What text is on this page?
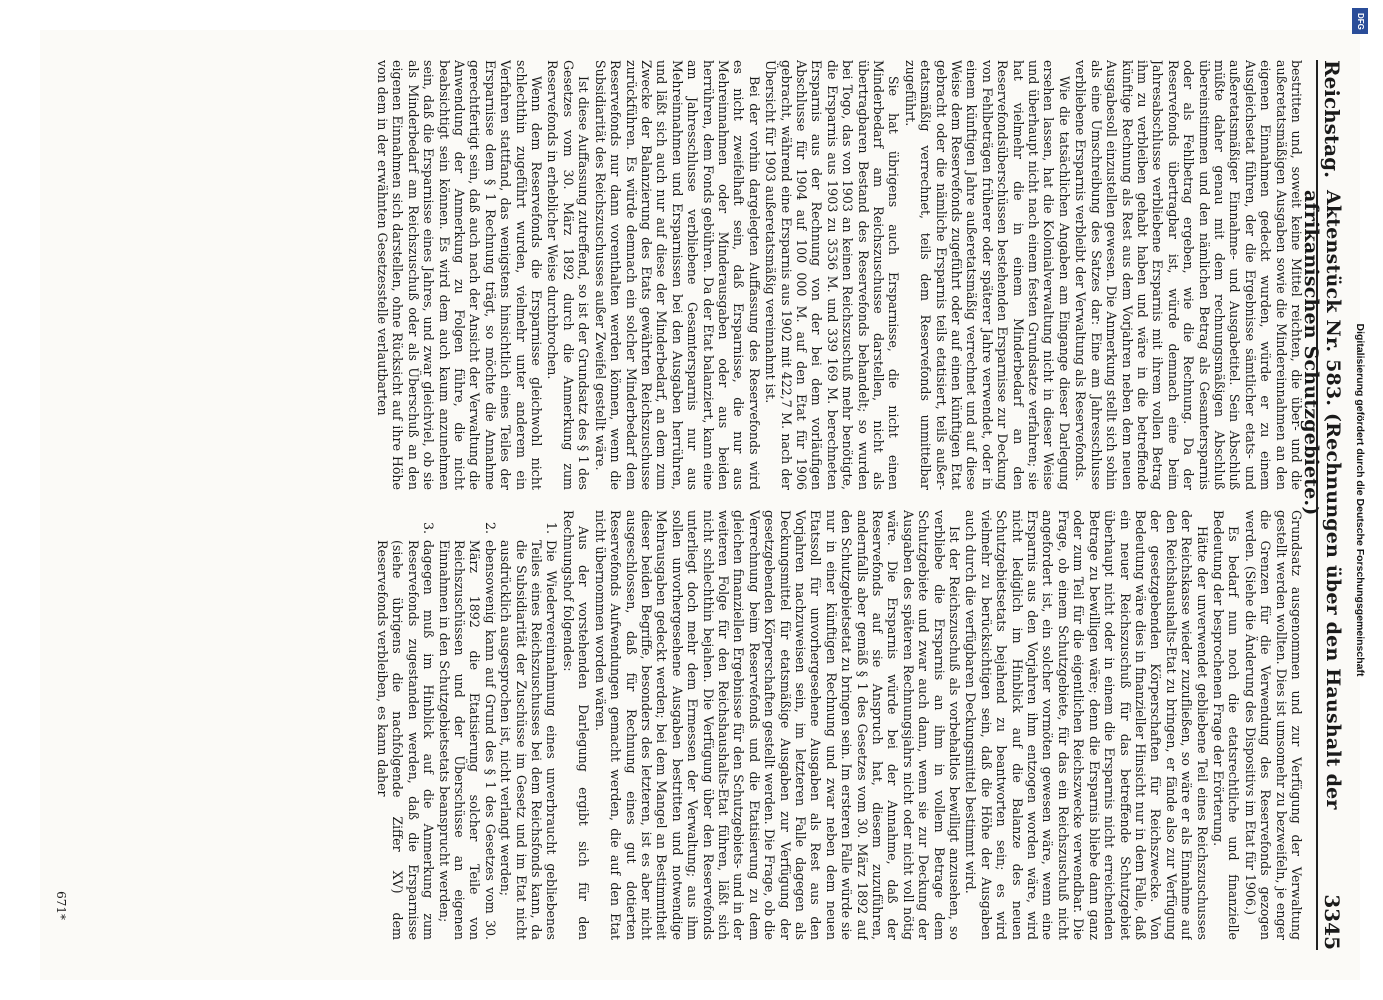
Reichstag.
Aktenstück Nr. 583. (Rechnungen über den Haushalt der afrikanischen Schutzgebiete.)
3345

bestritten und, soweit keine Mittel reichten, die über- und die außeretatsmäßigen Ausgaben sowie die Mindereinnahmen an den eigenen Einnahmen gedeckt wurden, würde er zu einem Ausgleichsetat führen, der die Ergebnisse sämtlicher etats- und außeretatsmäßiger Einnahme- und Ausgabetitel. Sein Abschluß müßte daher genau mit dem rechnungsmäßigen Abschluß übereinstimmen und den nämlichen Betrag als Gesamtersparnis oder als Fehlbetrag ergeben, wie die Rechnung. Da der Reservefonds übertragbar ist, würde demnach eine beim Jahresabschlusse verbliebene Ersparnis mit ihrem vollen Betrag ihm zu verbleiben gehabt haben und wäre in die betreffende künftige Rechnung als Rest aus dem Vorjahren neben dem neuen Ausgabesoll einzustellen gewesen. Die Anmerkung stellt sich sohin als eine Umschreibung des Satzes dar: Eine am Jahresschlusse verbliebene Ersparnis verbleibt der Verwaltung als Reservefonds.

Wie die tatsächlichen Angaben am Eingange dieser Darlegung ersehen lassen, hat die Kolonialverwaltung nicht in dieser Weise und überhaupt nicht nach einem festen Grundsatze verfahren; sie hat vielmehr die in einem Minderbedarf an den Reservefondsüberschüssen bestehenden Ersparnisse zur Deckung von Fehlbeträgen früherer oder späterer Jahre verwendet, oder in einem künftigen Jahre außeretatsmäßig verrechnet und auf diese Weise dem Reservefonds zugeführt oder auf einen künftigen Etat gebracht oder die nämliche Ersparnis teils etatisiert, teils außeretatsmäßig verrechnet, teils dem Reservefonds unmittelbar zugeführt.

Sie hat übrigens auch Ersparnisse, die nicht einen Minderbedarf am Reichszuschusse darstellen, nicht als übertragbaren Bestand des Reservefonds behandelt; so wurden bei Togo, das von 1903 an keinen Reichszuschuß mehr benötigte, die Ersparnis aus 1903 zu 3536 M. und 339 169 M. berechneten Ersparnis aus der Rechnung von der bei dem vorläufigen Abschlusse für 1904 auf 100 000 M. auf den Etat für 1906 gebracht, während eine Ersparnis aus 1902 mit 422,7 M. nach der Übersicht für 1903 außeretatsmäßig vereinnahmt ist.

Bei der vorhin dargelegten Auffassung des Reservefonds wird es nicht zweifelhaft sein, daß Ersparnisse, die nur aus Mehreinnahmen oder Minderausgaben oder aus beiden herrühren, dem Fonds gebühren. Da der Etat balanziert, kann eine am Jahresschlusse verbliebene Gesamtersparnis nur aus Mehreinnahmen und Ersparnissen bei den Ausgaben herrühren, und läßt sich auch nur auf diese der Minderbedarf, an dem zum Zwecke der Balanzierung des Etats gewährten Reichszuschusse zurückführen. Es würde demnach ein solcher Minderbedarf dem Reservefonds nur dann vorenthalten werden können, wenn die Subsidiarität des Reichszuschusses außer Zweifel gestellt wäre.

Ist diese Auffassung zutreffend, so ist der Grundsatz des § 1 des Gesetzes vom 30. März 1892 durch die Anmerkung zum Reservefonds in erheblicher Weise durchbrochen.

Wenn dem Reservefonds die Ersparnisse gleichwohl nicht schlechthin zugeführt wurden, vielmehr unter anderem ein Verfahren stattfand, das wenigstens hinsichtlich eines Teiles der Ersparnisse dem § 1 Rechnung trägt, so möchte die Annahme gerechtfertigt sein, daß auch nach der Ansicht der Verwaltung die Anwendung der Anmerkung zu Folgen führe, die nicht beabsichtigt sein können. Es wird dem auch kaum anzunehmen sein, daß die Ersparnisse eines Jahres, und zwar gleichviel, ob sie als Minderbedarf am Reichszuschuß oder als Überschuß an den eigenen Einnahmen sich darstellen, ohne Rücksicht auf ihre Höhe von dem in der erwähnten Gesetzesstelle verlautbarten

Grundsatz ausgenommen und zur Verfügung der Verwaltung gestellt werden wollten. Dies ist umsomehr zu bezweifeln, je enger die Grenzen für die Verwendung des Reservefonds gezogen werden. (Siehe die Änderung des Dispositivs im Etat für 1906.)

Es bedarf nun noch die etatsrechtliche und finanzielle Bedeutung der besprochenen Frage der Erörterung.

Hätte der unverwendet gebliebene Teil eines Reichszuschusses der Reichskasse wieder zuzufließen, so wäre er als Einnahme auf den Reichshaushalts-Etat zu bringen, er fände also zur Verfügung der gesetzgebenden Körperschaften für Reichszwecke. Von Bedeutung wäre dies in finanzieller Hinsicht nur in dem Falle, daß ein neuer Reichszuschuß für das betreffende Schutzgebiet überhaupt nicht oder in einem die Ersparnis nicht erreichenden Betrage zu bewilligen wäre; denn die Ersparnis bliebe dann ganz oder zum Teil für die eigentlichen Reichszwecke verwendbar. Die Frage, ob einem Schutzgebiete, für das ein Reichszuschuß nicht angefordert ist, ein solcher vormöten gewesen wäre, wenn eine Ersparnis aus den Vorjahren ihm entzogen worden wäre, wird nicht lediglich im Hinblick auf die Balanze des neuen Schutzgebietsetats bejahend zu beantworten sein; es wird vielmehr zu berücksichtigen sein, daß die Höhe der Ausgaben auch durch die verfügbaren Deckungsmittel bestimmt wird.

Ist der Reichszuschuß als vorbehaltlos bewilligt anzusehen, so verbliebe die Ersparnis an ihm in vollem Betrage dem Schutzgebiete und zwar auch dann, wenn sie zur Deckung der Ausgaben des späteren Rechnungsjahrs nicht oder nicht voll nötig wäre. Die Ersparnis würde bei der Annahme, daß der Reservefonds auf sie Anspruch hat, diesem zuzuführen, andernfalls aber gemäß § 1 des Gesetzes vom 30. März 1892 auf den Schutzgebietsetat zu bringen sein. Im ersteren Falle würde sie nur in einer künftigen Rechnung und zwar neben dem neuen Etatssoll für unvorhergesehene Ausgaben als Rest aus den Vorjahren nachzuweisen sein, im letzteren Falle dagegen als Deckungsmittel für etatsmäßige Ausgaben zur Verfügung der gesetzgebenden Körperschaften gestellt werden. Die Frage, ob die Verrechnung beim Reservefonds und die Etatisierung zu dem gleichen finanziellen Ergebnisse für den Schutzgebiets- und in der weiteren Folge für den Reichshaushalts-Etat führen, läßt sich nicht schlechthin bejahen. Die Verfügung über den Reservefonds unterliegt doch mehr dem Ermessen der Verwaltung; aus ihm sollen unvorhergesehene Ausgaben bestritten und notwendige Mehrausgaben gedeckt werden; bei dem Mangel an Bestimmtheit dieser beiden Begriffe, besonders des letzteren, ist es aber nicht ausgeschlossen, daß für Rechnung eines gut dotierten Reservefonds Aufwendungen gemacht werden, die auf den Etat nicht übernommen worden wären.

Aus der vorstehenden Darlegung ergibt sich für den Rechnungshof folgendes:

1. Die Wiedervereinnahmung eines unverbraucht gebliebenes Teiles eines Reichszuschusses bei dem Reichsfonds kann, da die Subsidiarität der Zuschüsse im Gesetz und im Etat nicht ausdrücklich ausgesprochen ist, nicht verlangt werden;
2. ebensowenig kann auf Grund des § 1 des Gesetzes vom 30. März 1892 die Etatisierung solcher Teile von Reichszuschüssen und der Überschüsse an eigenen Einnahmen in den Schutzgebietsetats beansprucht werden;
3. dagegen muß im Hinblick auf die Anmerkung zum Reservefonds zugestanden werden, daß die Ersparnisse (siehe übrigens die nachfolgende Ziffer XV) dem Reservefonds verbleiben, es kann daher
671*
DFG
Digitalisierung gefördert durch die Deutsche Forschungsgemeinschaft
